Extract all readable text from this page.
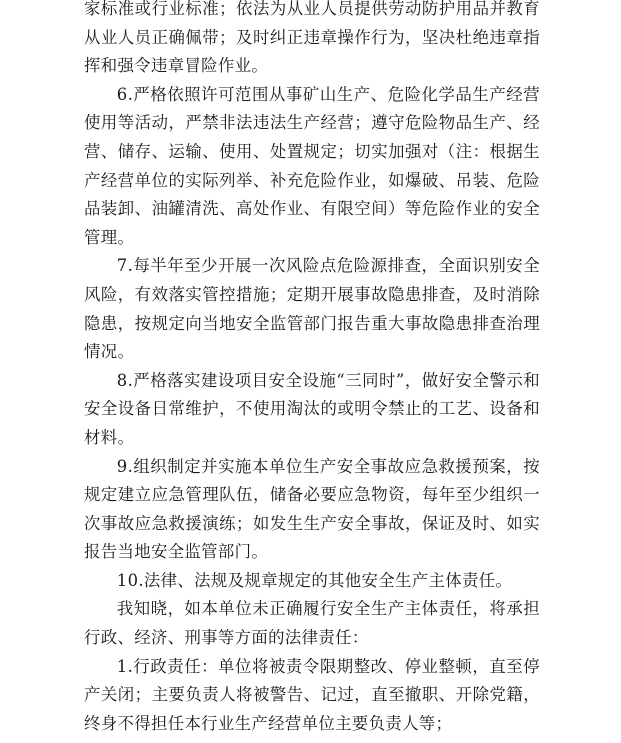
家标准或行业标准；依法为从业人员提供劳动防护用品并教育从业人员正确佩带；及时纠正违章操作行为，坚决杜绝违章指挥和强令违章冒险作业。

6.严格依照许可范围从事矿山生产、危险化学品生产经营使用等活动，严禁非法违法生产经营；遵守危险物品生产、经营、储存、运输、使用、处置规定；切实加强对（注：根据生产经营单位的实际列举、补充危险作业，如爆破、吊装、危险品装卸、油罐清洗、高处作业、有限空间）等危险作业的安全管理。

7.每半年至少开展一次风险点危险源排查，全面识别安全风险，有效落实管控措施；定期开展事故隐患排查，及时消除隐患，按规定向当地安全监管部门报告重大事故隐患排查治理情况。

8.严格落实建设项目安全设施“三同时”，做好安全警示和安全设备日常维护，不使用淘汰的或明令禁止的工艺、设备和材料。

9.组织制定并实施本单位生产安全事故应急救援预案，按规定建立应急管理队伍，储备必要应急物资，每年至少组织一次事故应急救援演练；如发生生产安全事故，保证及时、如实报告当地安全监管部门。

10.法律、法规及规章规定的其他安全生产主体责任。

我知晓，如本单位未正确履行安全生产主体责任，将承担行政、经济、刑事等方面的法律责任：

1.行政责任：单位将被责令限期整改、停业整顿，直至停产关闭；主要负责人将被警告、记过，直至撤职、开除党籍，终身不得担任本行业生产经营单位主要负责人等；
